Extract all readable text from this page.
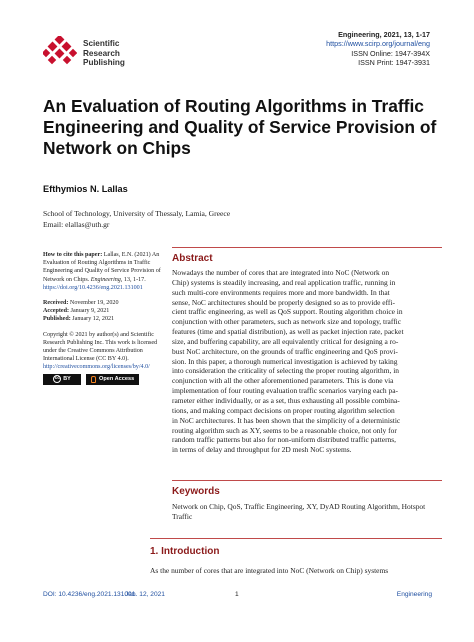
Scientific
Research
Publishing
Engineering, 2021, 13, 1-17
https://www.scirp.org/journal/eng
ISSN Online: 1947-394X
ISSN Print: 1947-3931
An Evaluation of Routing Algorithms in Traffic
Engineering and Quality of Service Provision of
Network on Chips
Efthymios N. Lallas
School of Technology, University of Thessaly, Lamia, Greece
Email: elallas@uth.gr
How to cite this paper: Lallas, E.N. (2021) An Evaluation of Routing Algorithms in Traffic Engineering and Quality of Service Provision of Network on Chips. Engineering, 13, 1-17.
https://doi.org/10.4236/eng.2021.131001
Received: November 19, 2020
Accepted: January 9, 2021
Published: January 12, 2021
Copyright © 2021 by author(s) and Scientific Research Publishing Inc. This work is licensed under the Creative Commons Attribution International License (CC BY 4.0).
http://creativecommons.org/licenses/by/4.0/
cc BY	Open Access
Abstract
Nowadays the number of cores that are integrated into NoC (Network on
Chip) systems is steadily increasing, and real application traffic, running in
such multi-core environments requires more and more bandwidth. In that
sense, NoC architectures should be properly designed so as to provide effi-
cient traffic engineering, as well as QoS support. Routing algorithm choice in
conjunction with other parameters, such as network size and topology, traffic
features (time and spatial distribution), as well as packet injection rate, packet
size, and buffering capability, are all equivalently critical for designing a ro-
bust NoC architecture, on the grounds of traffic engineering and QoS provi-
sion. In this paper, a thorough numerical investigation is achieved by taking
into consideration the criticality of selecting the proper routing algorithm, in
conjunction with all the other aforementioned parameters. This is done via
implementation of four routing evaluation traffic scenarios varying each pa-
rameter either individually, or as a set, thus exhausting all possible combina-
tions, and making compact decisions on proper routing algorithm selection
in NoC architectures. It has been shown that the simplicity of a deterministic
routing algorithm such as XY, seems to be a reasonable choice, not only for
random traffic patterns but also for non-uniform distributed traffic patterns,
in terms of delay and throughput for 2D mesh NoC systems.
Keywords
Network on Chip, QoS, Traffic Engineering, XY, DyAD Routing Algorithm, Hotspot Traffic
1. Introduction
As the number of cores that are integrated into NoC (Network on Chip) systems
DOI: 10.4236/eng.2021.131001
Jan. 12, 2021	1	Engineering
